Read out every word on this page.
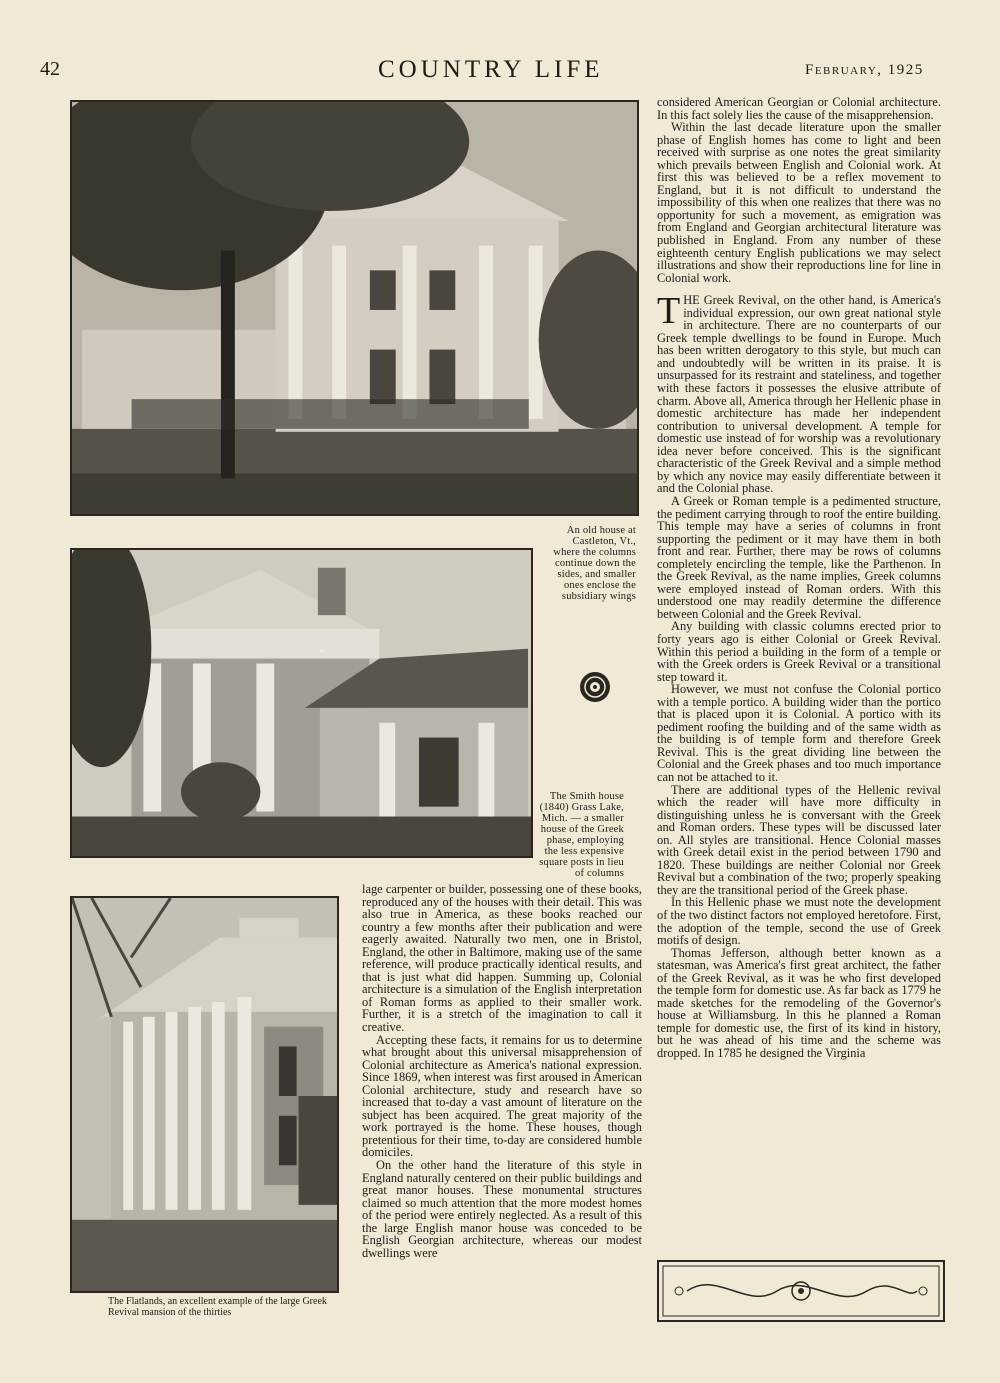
42	COUNTRY LIFE	February, 1925
An old house at Castleton, Vt., where the columns continue down the sides, and smaller ones enclose the subsidiary wings
The Smith house (1840) Grass Lake, Mich. — a smaller house of the Greek phase, employing the less expensive square posts in lieu of columns
The Flatlands, an excellent example of the large Greek Revival mansion of the thirties

lage carpenter or builder, possessing one of these books, reproduced any of the houses with their detail. This was also true in America, as these books reached our country a few months after their publication and were eagerly awaited. Naturally two men, one in Bristol, England, the other in Baltimore, making use of the same reference, will produce practically identical results, and that is just what did happen. Summing up, Colonial architecture is a simulation of the English interpretation of Roman forms as applied to their smaller work. Further, it is a stretch of the imagination to call it creative.

Accepting these facts, it remains for us to determine what brought about this universal misapprehension of Colonial architecture as America's national expression. Since 1869, when interest was first aroused in American Colonial architecture, study and research have so increased that to-day a vast amount of literature on the subject has been acquired. The great majority of the work portrayed is the home. These houses, though pretentious for their time, to-day are considered humble domiciles.

On the other hand the literature of this style in England naturally centered on their public buildings and great manor houses. These monumental structures claimed so much attention that the more modest homes of the period were entirely neglected. As a result of this the large English manor house was conceded to be English Georgian architecture, whereas our modest dwellings were

considered American Georgian or Colonial architecture. In this fact solely lies the cause of the misapprehension.

Within the last decade literature upon the smaller phase of English homes has come to light and been received with surprise as one notes the great similarity which prevails between English and Colonial work. At first this was believed to be a reflex movement to England, but it is not difficult to understand the impossibility of this when one realizes that there was no opportunity for such a movement, as emigration was from England and Georgian architectural literature was published in England. From any number of these eighteenth century English publications we may select illustrations and show their reproductions line for line in Colonial work.

THE Greek Revival, on the other hand, is America's individual expression, our own great national style in architecture. There are no counterparts of our Greek temple dwellings to be found in Europe. Much has been written derogatory to this style, but much can and undoubtedly will be written in its praise. It is unsurpassed for its restraint and stateliness, and together with these factors it possesses the elusive attribute of charm. Above all, America through her Hellenic phase in domestic architecture has made her independent contribution to universal development. A temple for domestic use instead of for worship was a revolutionary idea never before conceived. This is the significant characteristic of the Greek Revival and a simple method by which any novice may easily differentiate between it and the Colonial phase.

A Greek or Roman temple is a pedimented structure, the pediment carrying through to roof the entire building. This temple may have a series of columns in front supporting the pediment or it may have them in both front and rear. Further, there may be rows of columns completely encircling the temple, like the Parthenon. In the Greek Revival, as the name implies, Greek columns were employed instead of Roman orders. With this understood one may readily determine the difference between Colonial and the Greek Revival.

Any building with classic columns erected prior to forty years ago is either Colonial or Greek Revival. Within this period a building in the form of a temple or with the Greek orders is Greek Revival or a transitional step toward it.

However, we must not confuse the Colonial portico with a temple portico. A building wider than the portico that is placed upon it is Colonial. A portico with its pediment roofing the building and of the same width as the building is of temple form and therefore Greek Revival. This is the great dividing line between the Colonial and the Greek phases and too much importance can not be attached to it.

There are additional types of the Hellenic revival which the reader will have more difficulty in distinguishing unless he is conversant with the Greek and Roman orders. These types will be discussed later on. All styles are transitional. Hence Colonial masses with Greek detail exist in the period between 1790 and 1820. These buildings are neither Colonial nor Greek Revival but a combination of the two; properly speaking they are the transitional period of the Greek phase.

In this Hellenic phase we must note the development of the two distinct factors not employed heretofore. First, the adoption of the temple, second the use of Greek motifs of design.

Thomas Jefferson, although better known as a statesman, was America's first great architect, the father of the Greek Revival, as it was he who first developed the temple form for domestic use. As far back as 1779 he made sketches for the remodeling of the Governor's house at Williamsburg. In this he planned a Roman temple for domestic use, the first of its kind in history, but he was ahead of his time and the scheme was dropped. In 1785 he designed the Virginia
